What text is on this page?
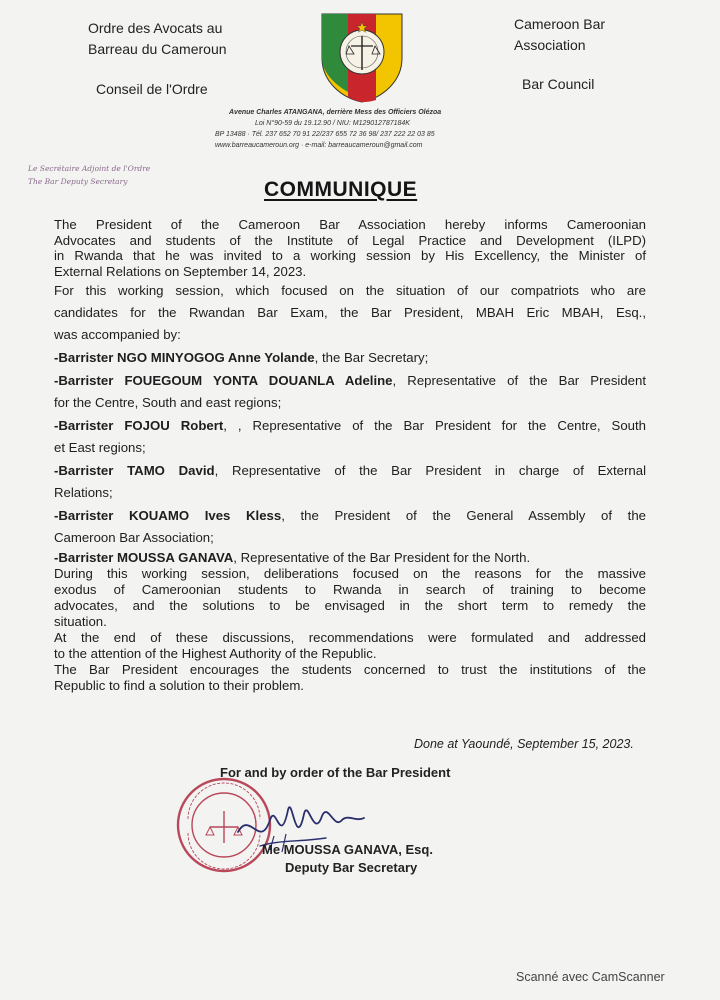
Ordre des Avocats au
Barreau du Cameroun
Conseil de l'Ordre
Cameroon Bar
Association
Bar Council
Avenue Charles ATANGANA, derrière Mess des Officiers Olézoa
Loi N°90-59 du 19.12.90 / NIU: M129012787184K
BP 13488 · Tél. 237 652 70 91 22/237 655 72 36 98/ 237 222 22 03 85
www.barreaucameroun.org · e-mail: barreaucameroun@gmail.com
Le Secrétaire Adjoint de l'Ordre
The Bar Deputy Secretary	COMMUNIQUE
The President of the Cameroon Bar Association hereby informs Cameroonian
Advocates and students of the Institute of Legal Practice and Development (ILPD)
in Rwanda that he was invited to a working session by His Excellency, the Minister of
External Relations on September 14, 2023.
For this working session, which focused on the situation of our compatriots who are
candidates for the Rwandan Bar Exam, the Bar President, MBAH Eric MBAH, Esq.,
was accompanied by:
-Barrister NGO MINYOGOG Anne Yolande, the Bar Secretary;
-Barrister FOUEGOUM YONTA DOUANLA Adeline, Representative of the Bar President
for the Centre, South and east regions;
-Barrister FOJOU Robert, , Representative of the Bar President for the Centre, South
et East regions;
-Barrister TAMO David, Representative of the Bar President in charge of External
Relations;
-Barrister KOUAMO Ives Kless, the President of the General Assembly of the
Cameroon Bar Association;
-Barrister MOUSSA GANAVA, Representative of the Bar President for the North.
During this working session, deliberations focused on the reasons for the massive
exodus of Cameroonian students to Rwanda in search of training to become
advocates, and the solutions to be envisaged in the short term to remedy the
situation.
At the end of these discussions, recommendations were formulated and addressed
to the attention of the Highest Authority of the Republic.
The Bar President encourages the students concerned to trust the institutions of the
Republic to find a solution to their problem.
Done at Yaoundé, September 15, 2023.
For and by order of the Bar President
Me MOUSSA GANAVA, Esq.
Deputy Bar Secretary
Scanné avec CamScanner
